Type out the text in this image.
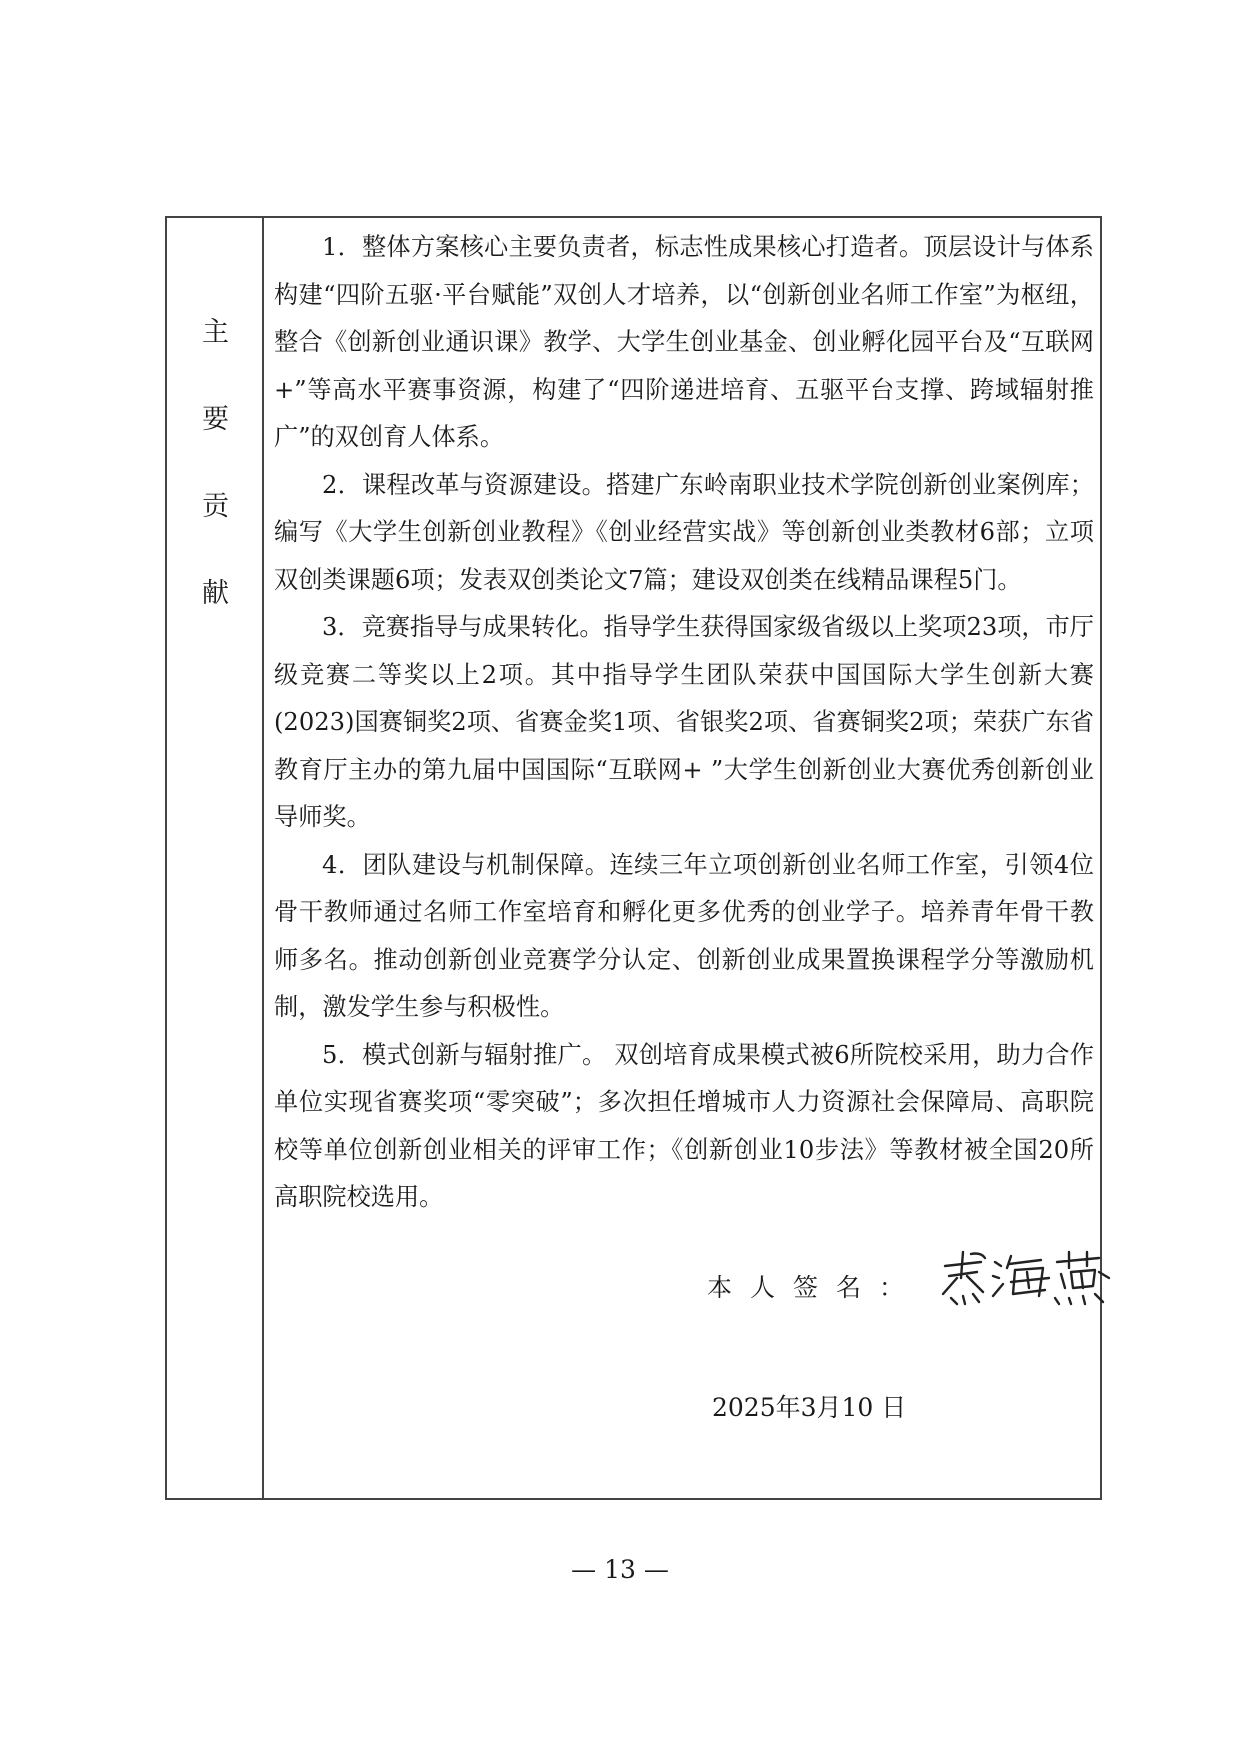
主
要
贡
献

1．整体方案核心主要负责者，标志性成果核心打造者。顶层设计与体系构建“四阶五驱·平台赋能”双创人才培养，以“创新创业名师工作室”为枢纽，整合《创新创业通识课》教学、大学生创业基金、创业孵化园平台及“互联网+”等高水平赛事资源，构建了“四阶递进培育、五驱平台支撑、跨域辐射推广”的双创育人体系。

2．课程改革与资源建设。搭建广东岭南职业技术学院创新创业案例库；编写《大学生创新创业教程》《创业经营实战》等创新创业类教材6部；立项双创类课题6项；发表双创类论文7篇；建设双创类在线精品课程5门。

3．竞赛指导与成果转化。指导学生获得国家级省级以上奖项23项，市厅级竞赛二等奖以上2项。其中指导学生团队荣获中国国际大学生创新大赛(2023)国赛铜奖2项、省赛金奖1项、省银奖2项、省赛铜奖2项；荣获广东省教育厅主办的第九届中国国际“互联网+ ”大学生创新创业大赛优秀创新创业导师奖。

4．团队建设与机制保障。连续三年立项创新创业名师工作室，引领4位骨干教师通过名师工作室培育和孵化更多优秀的创业学子。培养青年骨干教师多名。推动创新创业竞赛学分认定、创新创业成果置换课程学分等激励机制，激发学生参与积极性。

5．模式创新与辐射推广。 双创培育成果模式被6所院校采用，助力合作单位实现省赛奖项“零突破”；多次担任增城市人力资源社会保障局、高职院校等单位创新创业相关的评审工作；《创新创业10步法》等教材被全国20所高职院校选用。

本人签名：
2025年3月10 日
— 13 —
